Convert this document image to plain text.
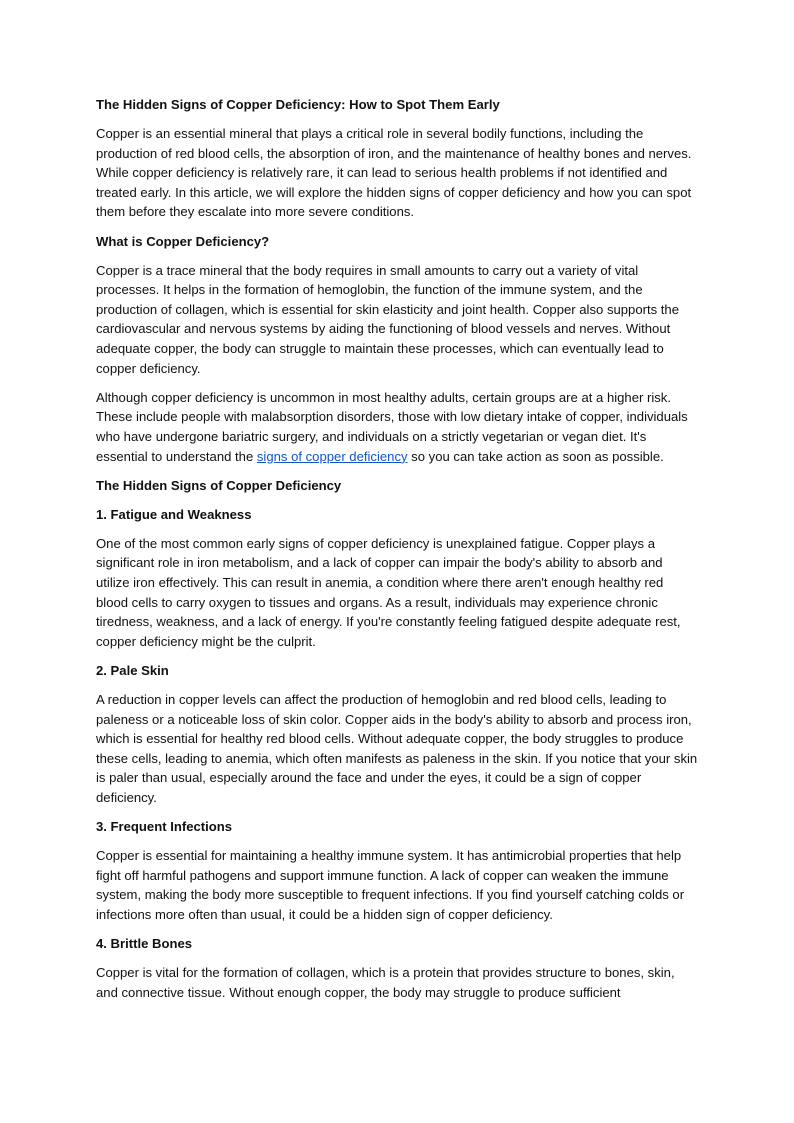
The Hidden Signs of Copper Deficiency: How to Spot Them Early

Copper is an essential mineral that plays a critical role in several bodily functions, including the production of red blood cells, the absorption of iron, and the maintenance of healthy bones and nerves. While copper deficiency is relatively rare, it can lead to serious health problems if not identified and treated early. In this article, we will explore the hidden signs of copper deficiency and how you can spot them before they escalate into more severe conditions.

What is Copper Deficiency?

Copper is a trace mineral that the body requires in small amounts to carry out a variety of vital processes. It helps in the formation of hemoglobin, the function of the immune system, and the production of collagen, which is essential for skin elasticity and joint health. Copper also supports the cardiovascular and nervous systems by aiding the functioning of blood vessels and nerves. Without adequate copper, the body can struggle to maintain these processes, which can eventually lead to copper deficiency.

Although copper deficiency is uncommon in most healthy adults, certain groups are at a higher risk. These include people with malabsorption disorders, those with low dietary intake of copper, individuals who have undergone bariatric surgery, and individuals on a strictly vegetarian or vegan diet. It's essential to understand the signs of copper deficiency so you can take action as soon as possible.

The Hidden Signs of Copper Deficiency
1. Fatigue and Weakness

One of the most common early signs of copper deficiency is unexplained fatigue. Copper plays a significant role in iron metabolism, and a lack of copper can impair the body's ability to absorb and utilize iron effectively. This can result in anemia, a condition where there aren't enough healthy red blood cells to carry oxygen to tissues and organs. As a result, individuals may experience chronic tiredness, weakness, and a lack of energy. If you're constantly feeling fatigued despite adequate rest, copper deficiency might be the culprit.

2. Pale Skin

A reduction in copper levels can affect the production of hemoglobin and red blood cells, leading to paleness or a noticeable loss of skin color. Copper aids in the body's ability to absorb and process iron, which is essential for healthy red blood cells. Without adequate copper, the body struggles to produce these cells, leading to anemia, which often manifests as paleness in the skin. If you notice that your skin is paler than usual, especially around the face and under the eyes, it could be a sign of copper deficiency.

3. Frequent Infections

Copper is essential for maintaining a healthy immune system. It has antimicrobial properties that help fight off harmful pathogens and support immune function. A lack of copper can weaken the immune system, making the body more susceptible to frequent infections. If you find yourself catching colds or infections more often than usual, it could be a hidden sign of copper deficiency.

4. Brittle Bones

Copper is vital for the formation of collagen, which is a protein that provides structure to bones, skin, and connective tissue. Without enough copper, the body may struggle to produce sufficient
